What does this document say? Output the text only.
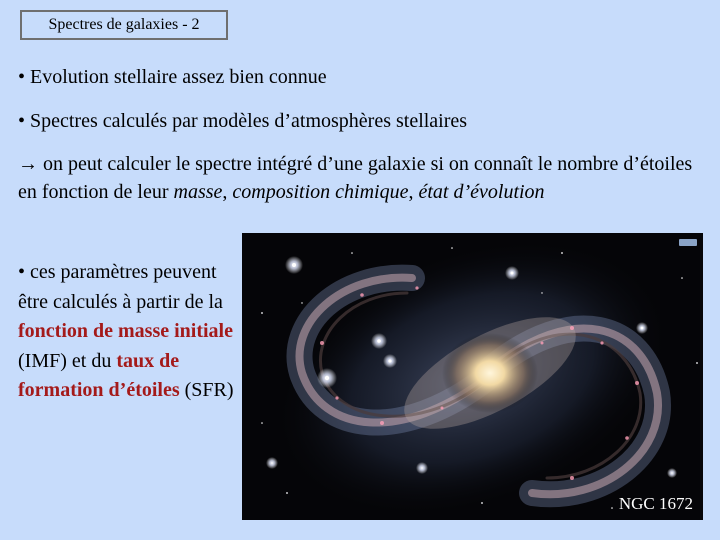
Spectres de galaxies - 2
• Evolution stellaire assez bien connue
• Spectres calculés par modèles d’atmosphères stellaires
→ on peut calculer le spectre intégré d’une galaxie si on connaît le nombre d’étoiles en fonction de leur masse, composition chimique, état d’évolution
• ces paramètres peuvent être calculés à partir de la fonction de masse initiale (IMF) et du taux de formation d’étoiles (SFR)
NGC 1672
